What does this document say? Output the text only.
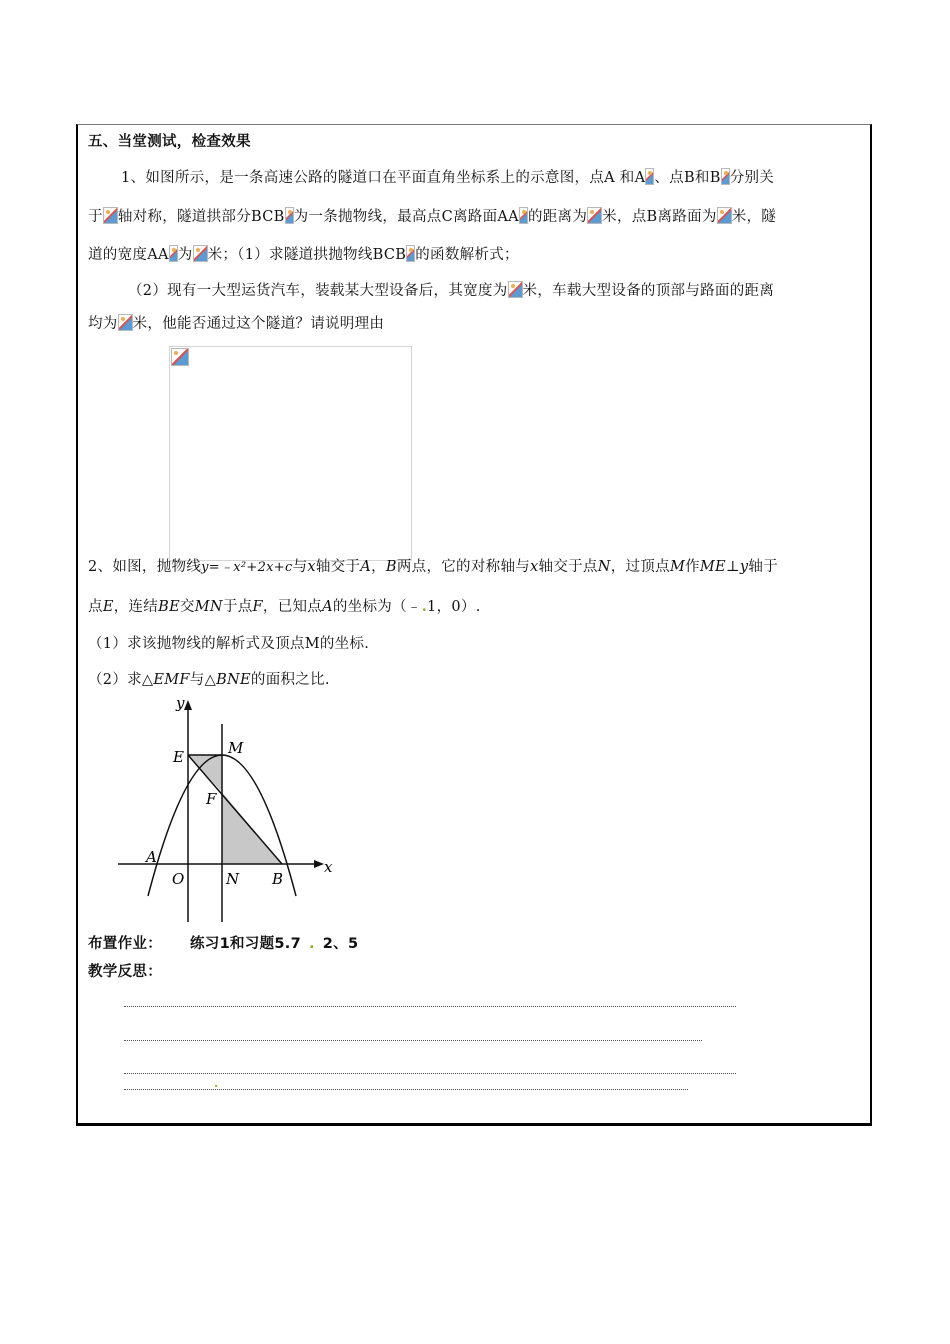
五、当堂测试，检查效果
1、如图所示，是一条高速公路的隧道口在平面直角坐标系上的示意图，点A 和A 、点B和B 分别关
于 轴对称，隧道拱部分BCB 为一条抛物线，最高点C离路面AA 的距离为 米，点B离路面为 米，隧
道的宽度AA 为 米；（1）求隧道拱抛物线BCB 的函数解析式；
（2）现有一大型运货汽车，装载某大型设备后，其宽度为 米，车载大型设备的顶部与路面的距离
均为 米，他能否通过这个隧道？请说明理由
2、如图，抛物线y=﹣x²+2x+c与x轴交于A，B两点，它的对称轴与x轴交于点N，过顶点M作ME⊥y轴于
点E，连结BE交MN于点F，已知点A的坐标为（﹣.1，0）.
（1）求该抛物线的解析式及顶点M的坐标.
（2）求△EMF与△BNE的面积之比.
y
x
E	M
F
A
O	N B
布置作业： 练习1和习题5.7 . 2、5
教学反思：
.
